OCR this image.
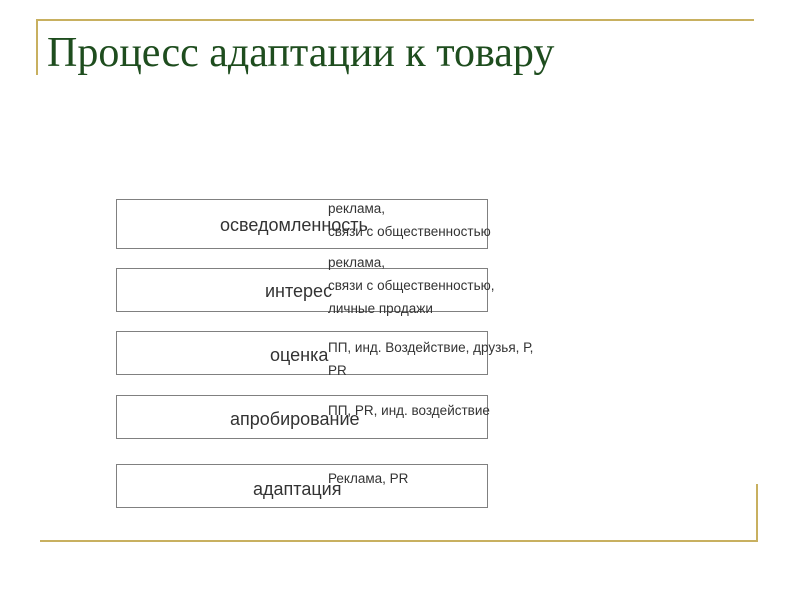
Процесс адаптации к товару
осведомленность
реклама,
связи с общественностью
интерес
реклама,
связи с общественностью,
личные продажи
оценка ПП, инд. Воздействие, друзья, Р,
PR
апробирование
ПП, PR, инд. воздействие
адаптация
Реклама, PR
